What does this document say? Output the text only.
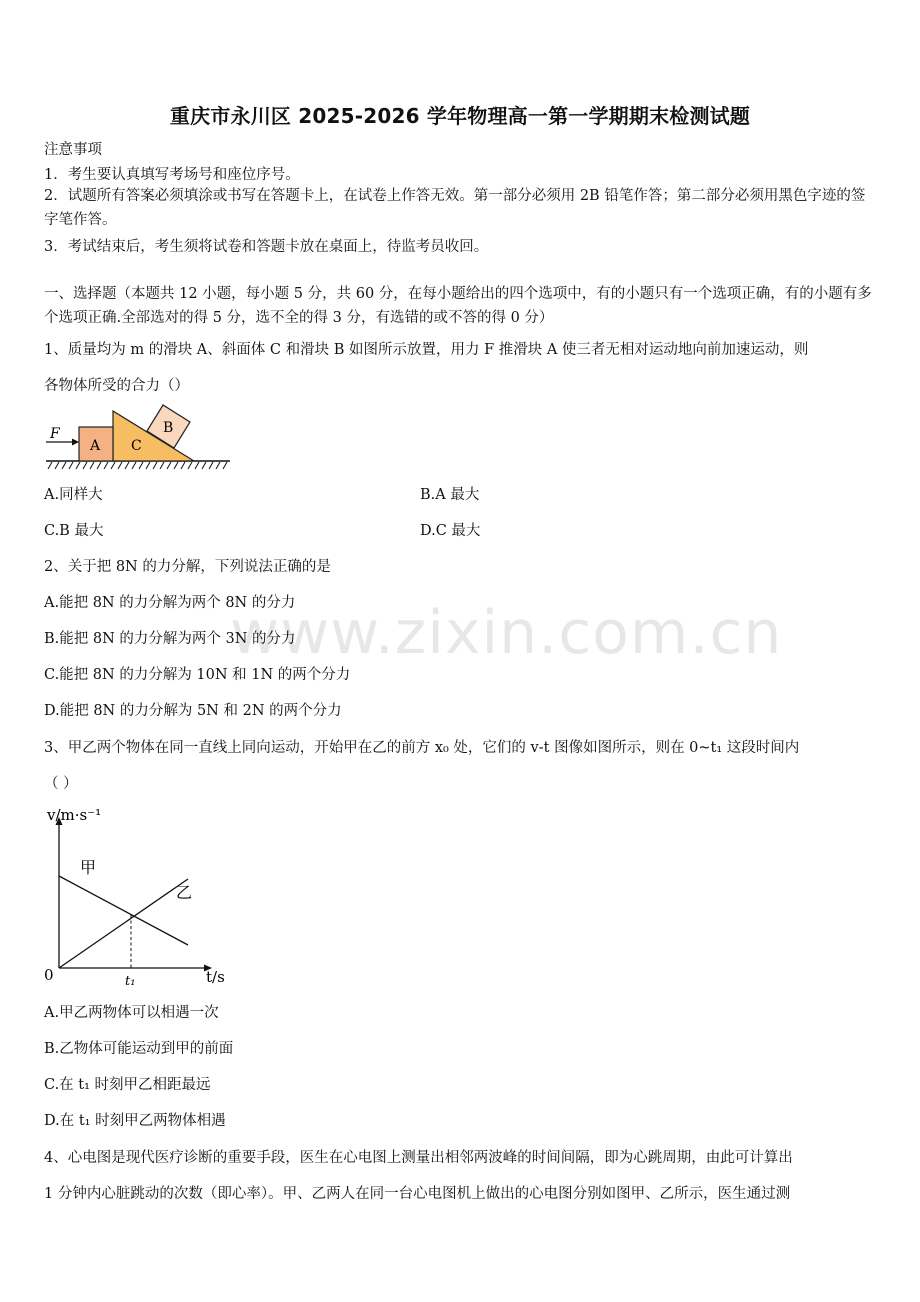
重庆市永川区 2025-2026 学年物理高一第一学期期末检测试题
注意事项
1．考生要认真填写考场号和座位序号。
2．试题所有答案必须填涂或书写在答题卡上，在试卷上作答无效。第一部分必须用 2B 铅笔作答；第二部分必须用黑色字迹的签字笔作答。
3．考试结束后，考生须将试卷和答题卡放在桌面上，待监考员收回。
一、选择题（本题共 12 小题，每小题 5 分，共 60 分，在每小题给出的四个选项中，有的小题只有一个选项正确，有的小题有多个选项正确.全部选对的得 5 分，选不全的得 3 分，有选错的或不答的得 0 分）
1、质量均为 m 的滑块 A、斜面体 C 和滑块 B 如图所示放置，用力 F 推滑块 A 使三者无相对运动地向前加速运动，则
各物体所受的合力（）
F
A C
B
A.同样大	B.A 最大
C.B 最大	D.C 最大
2、关于把 8N 的力分解，下列说法正确的是
A.能把 8N 的力分解为两个 8N 的分力
B.能把 8N 的力分解为两个 3N 的分力
C.能把 8N 的力分解为 10N 和 1N 的两个分力
D.能把 8N 的力分解为 5N 和 2N 的两个分力
3、甲乙两个物体在同一直线上同向运动，开始甲在乙的前方 x₀ 处，它们的 v-t 图像如图所示，则在 0~t₁ 这段时间内
（ ）
v/m·s⁻¹
t/s
0	t₁
甲
乙
A.甲乙两物体可以相遇一次
B.乙物体可能运动到甲的前面
C.在 t₁ 时刻甲乙相距最远
D.在 t₁ 时刻甲乙两物体相遇
4、心电图是现代医疗诊断的重要手段，医生在心电图上测量出相邻两波峰的时间间隔，即为心跳周期，由此可计算出
1 分钟内心脏跳动的次数（即心率）。甲、乙两人在同一台心电图机上做出的心电图分别如图甲、乙所示，医生通过测
www.zixin.com.cn
